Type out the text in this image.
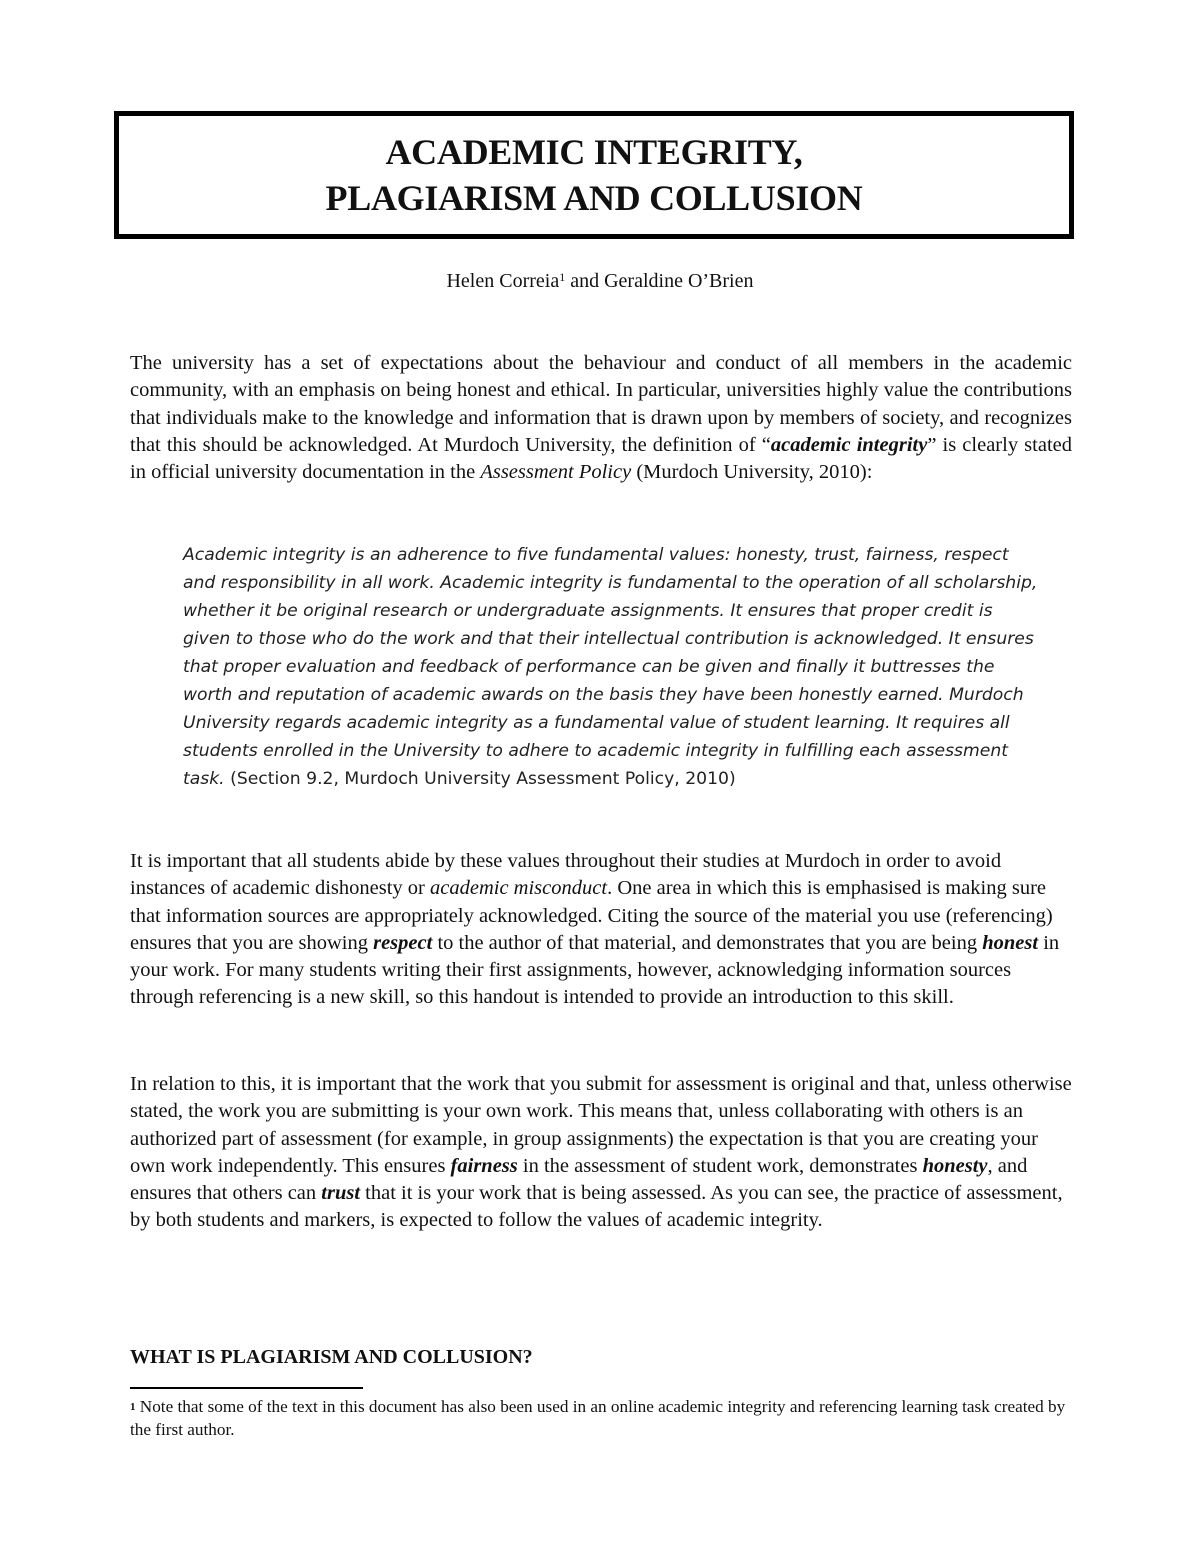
ACADEMIC INTEGRITY,
PLAGIARISM AND COLLUSION
Helen Correia$^1$ and Geraldine O’Brien

The university has a set of expectations about the behaviour and conduct of all members in the academic community, with an emphasis on being honest and ethical. In particular, universities highly value the contributions that individuals make to the knowledge and information that is drawn upon by members of society, and recognizes that this should be acknowledged. At Murdoch University, the definition of “academic integrity” is clearly stated in official university documentation in the Assessment Policy (Murdoch University, 2010):

Academic integrity is an adherence to five fundamental values: honesty, trust, fairness, respect and responsibility in all work. Academic integrity is fundamental to the operation of all scholarship, whether it be original research or undergraduate assignments. It ensures that proper credit is given to those who do the work and that their intellectual contribution is acknowledged. It ensures that proper evaluation and feedback of performance can be given and finally it buttresses the worth and reputation of academic awards on the basis they have been honestly earned. Murdoch University regards academic integrity as a fundamental value of student learning. It requires all students enrolled in the University to adhere to academic integrity in fulfilling each assessment task. (Section 9.2, Murdoch University Assessment Policy, 2010)

It is important that all students abide by these values throughout their studies at Murdoch in order to avoid instances of academic dishonesty or academic misconduct. One area in which this is emphasised is making sure that information sources are appropriately acknowledged. Citing the source of the material you use (referencing) ensures that you are showing respect to the author of that material, and demonstrates that you are being honest in your work. For many students writing their first assignments, however, acknowledging information sources through referencing is a new skill, so this handout is intended to provide an introduction to this skill.

In relation to this, it is important that the work that you submit for assessment is original and that, unless otherwise stated, the work you are submitting is your own work. This means that, unless collaborating with others is an authorized part of assessment (for example, in group assignments) the expectation is that you are creating your own work independently. This ensures fairness in the assessment of student work, demonstrates honesty, and ensures that others can trust that it is your work that is being assessed. As you can see, the practice of assessment, by both students and markers, is expected to follow the values of academic integrity.

WHAT IS PLAGIARISM AND COLLUSION?

$^1$ Note that some of the text in this document has also been used in an online academic integrity and referencing learning task created by the first author.
